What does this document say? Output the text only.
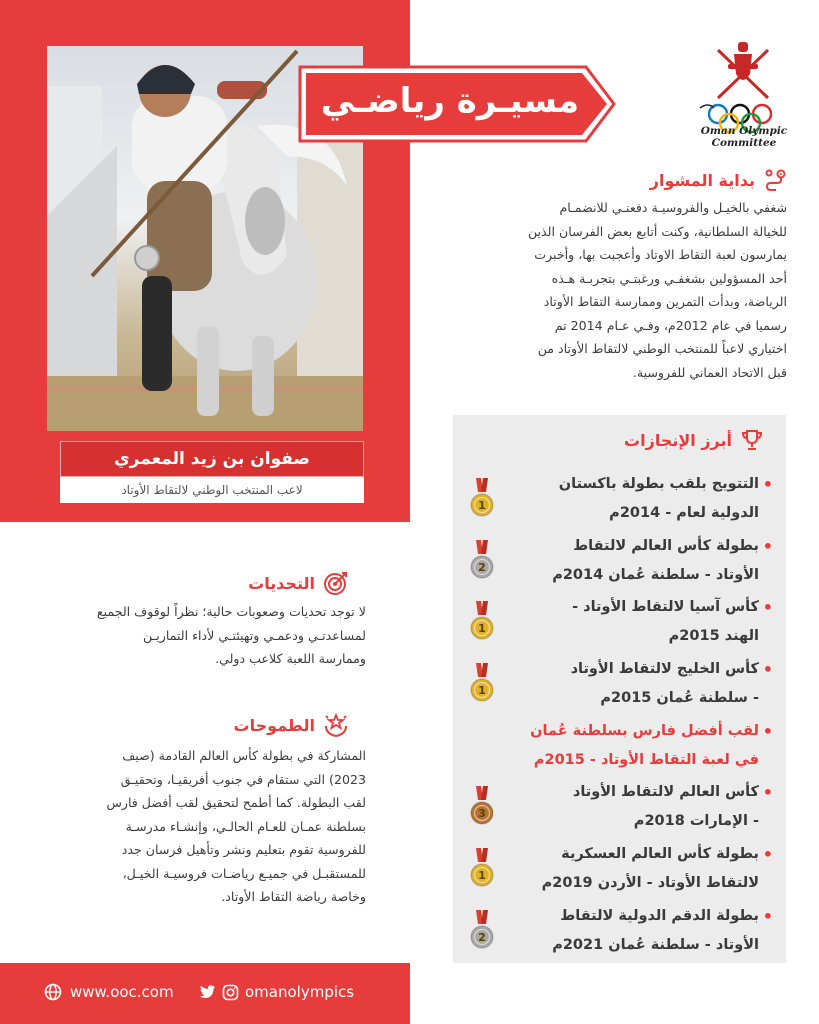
صفوان بن زيد المعمري
لاعب المنتخب الوطني لالتقاط الأوتاد
مسيـرة رياضـي
Oman Olympic Committee
بداية المشوار
شغفي بالخيـل والفروسيـة دفعنـي للانضمـام
للخيالة السلطانية، وكنت أتابع بعض الفرسان الذين
يمارسون لعبة التقاط الاوتاد وأعجبت بها، وأخبرت
أحد المسؤولين بشغفـي ورغبتـي بتجربـة هـذه
الرياضة، وبدأت التمرين وممارسة التقاط الأوتاد
رسميا في عام 2012م، وفـي عـام 2014 تم
اختياري لاعباً للمنتخب الوطني لالتقاط الأوتاد من
قبل الاتحاد العماني للفروسية.
أبرز الإنجازات
• التتويج بلقب بطولة باكستان
الدولية لعام - 2014م
1
• بطولة كأس العالم لالتقاط
الأوتاد - سلطنة عُمان 2014م
2
• كأس آسيا لالتقاط الأوتاد -
الهند 2015م
1
• كأس الخليج لالتقاط الأوتاد
- سلطنة عُمان 2015م
1
• لقب أفضل فارس بسلطنة عُمان
في لعبة التقاط الأوتاد - 2015م
• كأس العالم لالتقاط الأوتاد
- الإمارات 2018م
3
• بطولة كأس العالم العسكرية
لالتقاط الأوتاد - الأردن 2019م
1
• بطولة الدقم الدولية لالتقاط
الأوتاد - سلطنة عُمان 2021م
2
التحديات
لا توجد تحديات وصعوبات حالية؛ نظراً لوقوف الجميع
لمساعدتـي ودعمـي وتهيئتـي لأداء التماريـن
وممارسة اللعبة كلاعب دولي.
الطموحات
المشاركة في بطولة كأس العالم القادمة (صيف
2023) التي ستقام في جنوب أفريقيـا، وتحقيـق
لقب البطولة. كما أطمح لتحقيق لقب أفضل فارس
بسلطنة عمـان للعـام الحالـي، وإنشـاء مدرسـة
للفروسية تقوم بتعليم ونشر وتأهيل فرسان جدد
للمستقبـل في جميـع رياضـات فروسيـة الخيـل،
وخاصة رياضة التقاط الأوتاد.
www.ooc.com	omanolympics
